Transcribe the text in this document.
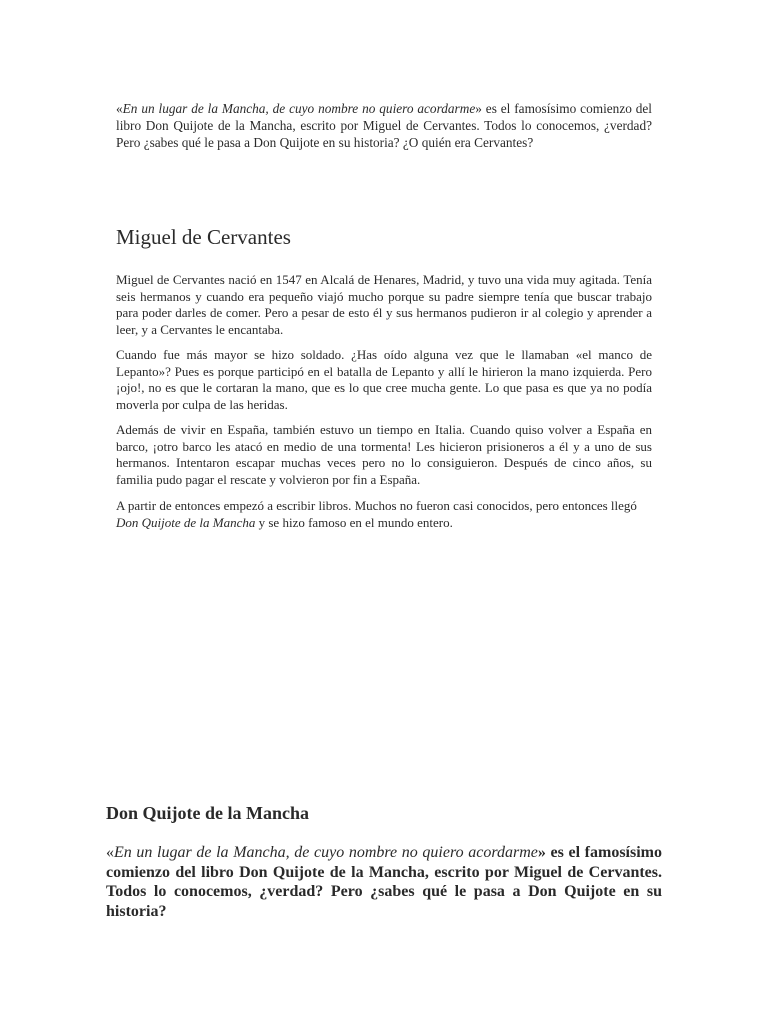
«En un lugar de la Mancha, de cuyo nombre no quiero acordarme» es el famosísimo comienzo del libro Don Quijote de la Mancha, escrito por Miguel de Cervantes. Todos lo conocemos, ¿verdad? Pero ¿sabes qué le pasa a Don Quijote en su historia? ¿O quién era Cervantes?
Miguel de Cervantes

Miguel de Cervantes nació en 1547 en Alcalá de Henares, Madrid, y tuvo una vida muy agitada. Tenía seis hermanos y cuando era pequeño viajó mucho porque su padre siempre tenía que buscar trabajo para poder darles de comer. Pero a pesar de esto él y sus hermanos pudieron ir al colegio y aprender a leer, y a Cervantes le encantaba.

Cuando fue más mayor se hizo soldado. ¿Has oído alguna vez que le llamaban «el manco de Lepanto»? Pues es porque participó en el batalla de Lepanto y allí le hirieron la mano izquierda. Pero ¡ojo!, no es que le cortaran la mano, que es lo que cree mucha gente. Lo que pasa es que ya no podía moverla por culpa de las heridas.

Además de vivir en España, también estuvo un tiempo en Italia. Cuando quiso volver a España en barco, ¡otro barco les atacó en medio de una tormenta! Les hicieron prisioneros a él y a uno de sus hermanos. Intentaron escapar muchas veces pero no lo consiguieron. Después de cinco años, su familia pudo pagar el rescate y volvieron por fin a España.

A partir de entonces empezó a escribir libros. Muchos no fueron casi conocidos, pero entonces llegó Don Quijote de la Mancha y se hizo famoso en el mundo entero.

Don Quijote de la Mancha
«En un lugar de la Mancha, de cuyo nombre no quiero acordarme» es el famosísimo comienzo del libro Don Quijote de la Mancha, escrito por Miguel de Cervantes. Todos lo conocemos, ¿verdad? Pero ¿sabes qué le pasa a Don Quijote en su historia?
